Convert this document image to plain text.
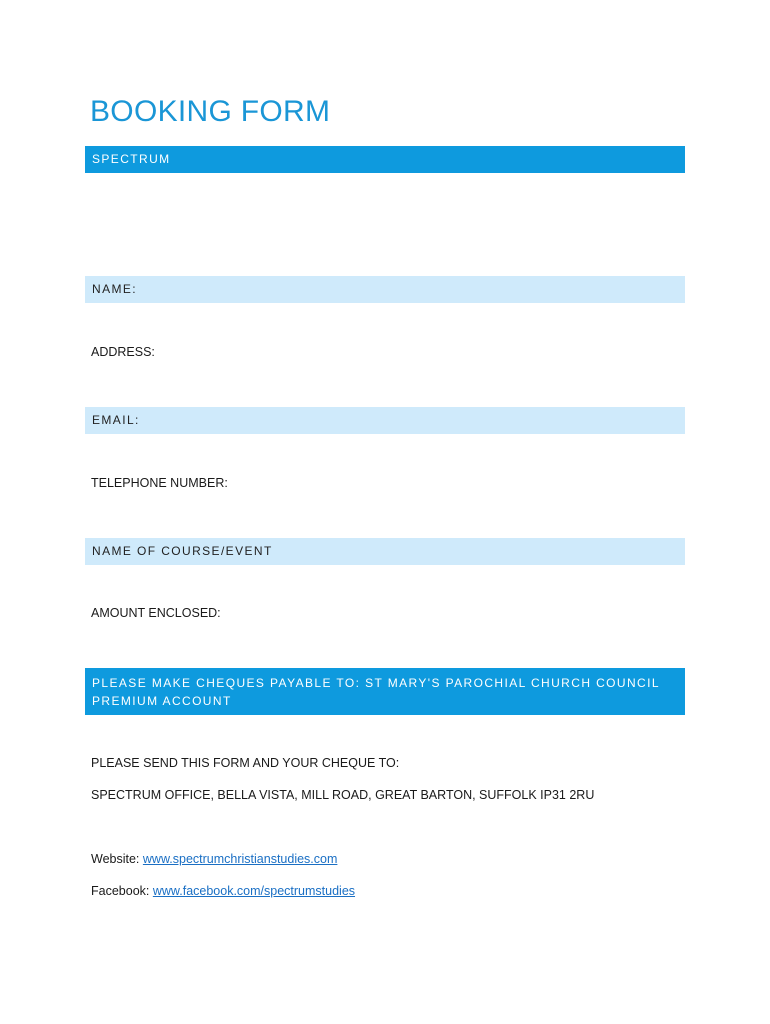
BOOKING FORM
SPECTRUM
NAME:
ADDRESS:
EMAIL:
TELEPHONE NUMBER:
NAME OF COURSE/EVENT
AMOUNT ENCLOSED:
PLEASE MAKE CHEQUES PAYABLE TO: ST MARY'S PAROCHIAL CHURCH COUNCIL
PREMIUM ACCOUNT
PLEASE SEND THIS FORM AND YOUR CHEQUE TO:
SPECTRUM OFFICE, BELLA VISTA, MILL ROAD, GREAT BARTON, SUFFOLK IP31 2RU
Website: www.spectrumchristianstudies.com
Facebook: www.facebook.com/spectrumstudies
